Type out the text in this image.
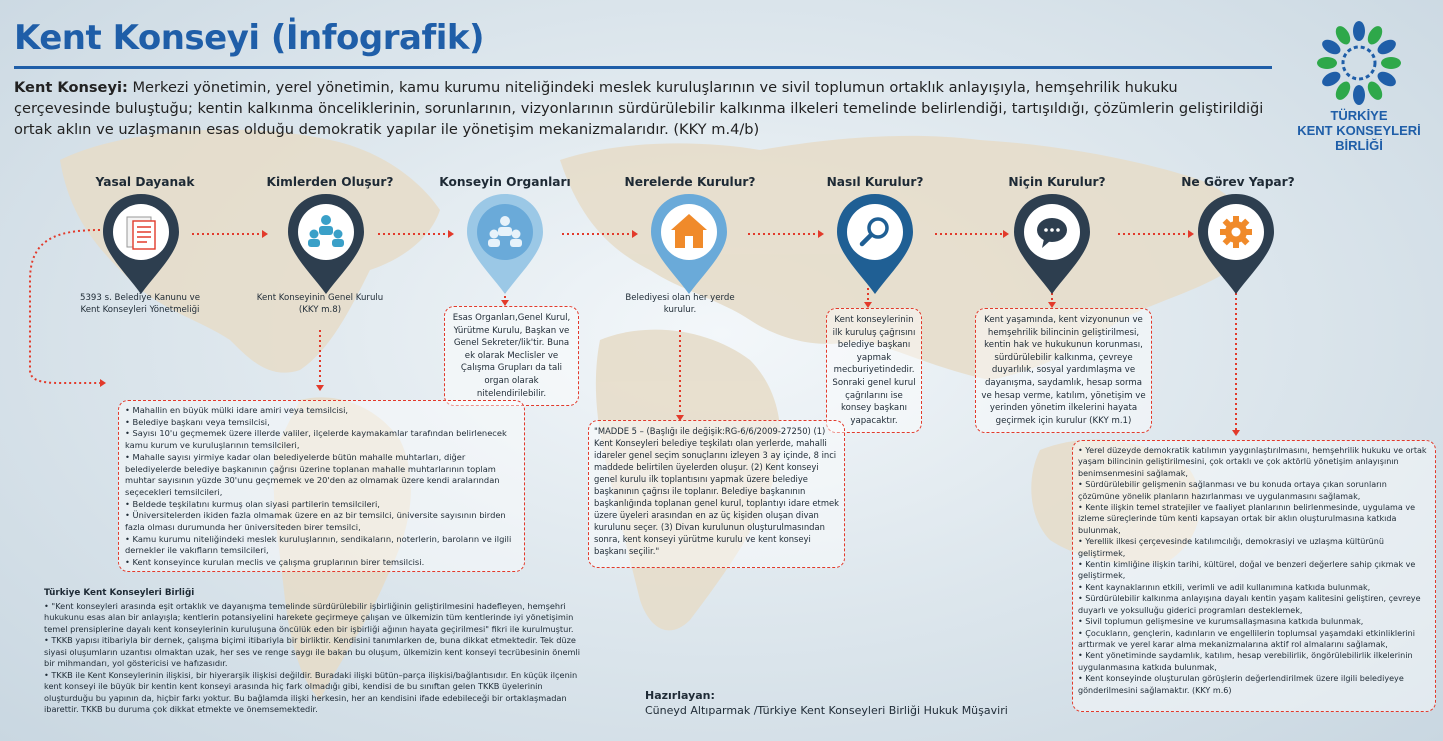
Kent Konseyi (İnfografik)
Kent Konseyi: Merkezi yönetimin, yerel yönetimin, kamu kurumu niteliğindeki meslek kuruluşlarının ve sivil toplumun ortaklık anlayışıyla, hemşehrilik hukuku çerçevesinde buluştuğu; kentin kalkınma önceliklerinin, sorunlarının, vizyonlarının sürdürülebilir kalkınma ilkeleri temelinde belirlendiği, tartışıldığı, çözümlerin geliştirildiği ortak aklın ve uzlaşmanın esas olduğu demokratik yapılar ile yönetişim mekanizmalarıdır. (KKY m.4/b)
TÜRKİYE
KENT KONSEYLERİ
BİRLİĞİ
Yasal Dayanak
5393 s. Belediye Kanunu ve Kent Konseyleri Yönetmeliği
Kimlerden Oluşur?
Kent Konseyinin Genel Kurulu (KKY m.8)
Konseyin Organları	Nerelerde Kurulur?
Belediyesi olan her yerde kurulur.
Nasıl Kurulur?	Niçin Kurulur?	Ne Görev Yapar?

Esas Organları,Genel Kurul, Yürütme Kurulu, Başkan ve Genel Sekreter/lik'tir. Buna ek olarak Meclisler ve Çalışma Grupları da tali organ olarak nitelendirilebilir.

Kent konseylerinin ilk kuruluş çağrısını belediye başkanı yapmak mecburiyetindedir. Sonraki genel kurul çağrılarını ise konsey başkanı yapacaktır.

Kent yaşamında, kent vizyonunun ve hemşehrilik bilincinin geliştirilmesi, kentin hak ve hukukunun korunması, sürdürülebilir kalkınma, çevreye duyarlılık, sosyal yardımlaşma ve dayanışma, saydamlık, hesap sorma ve hesap verme, katılım, yönetişim ve yerinden yönetim ilkelerini hayata geçirmek için kurulur (KKY m.1)

• Mahallin en büyük mülki idare amiri veya temsilcisi,
• Belediye başkanı veya temsilcisi,
• Sayısı 10'u geçmemek üzere illerde valiler, ilçelerde kaymakamlar tarafından belirlenecek kamu kurum ve kuruluşlarının temsilcileri,
• Mahalle sayısı yirmiye kadar olan belediyelerde bütün mahalle muhtarları, diğer belediyelerde belediye başkanının çağrısı üzerine toplanan mahalle muhtarlarının toplam muhtar sayısının yüzde 30'unu geçmemek ve 20'den az olmamak üzere kendi aralarından seçecekleri temsilcileri,
• Beldede teşkilatını kurmuş olan siyasi partilerin temsilcileri,
• Üniversitelerden ikiden fazla olmamak üzere en az bir temsilci, üniversite sayısının birden fazla olması durumunda her üniversiteden birer temsilci,
• Kamu kurumu niteliğindeki meslek kuruluşlarının, sendikaların, noterlerin, baroların ve ilgili dernekler ile vakıfların temsilcileri,
• Kent konseyince kurulan meclis ve çalışma gruplarının birer temsilcisi.

"MADDE 5 – (Başlığı ile değişik:RG-6/6/2009-27250) (1) Kent Konseyleri belediye teşkilatı olan yerlerde, mahalli idareler genel seçim sonuçlarını izleyen 3 ay içinde, 8 inci maddede belirtilen üyelerden oluşur. (2) Kent konseyi genel kurulu ilk toplantısını yapmak üzere belediye başkanının çağrısı ile toplanır. Belediye başkanının başkanlığında toplanan genel kurul, toplantıyı idare etmek üzere üyeleri arasından en az üç kişiden oluşan divan kurulunu seçer. (3) Divan kurulunun oluşturulmasından sonra, kent konseyi yürütme kurulu ve kent konseyi başkanı seçilir."

• Yerel düzeyde demokratik katılımın yaygınlaştırılmasını, hemşehrilik hukuku ve ortak yaşam bilincinin geliştirilmesini, çok ortaklı ve çok aktörlü yönetişim anlayışının benimsenmesini sağlamak,
• Sürdürülebilir gelişmenin sağlanması ve bu konuda ortaya çıkan sorunların çözümüne yönelik planların hazırlanması ve uygulanmasını sağlamak,
• Kente ilişkin temel stratejiler ve faaliyet planlarının belirlenmesinde, uygulama ve izleme süreçlerinde tüm kenti kapsayan ortak bir aklın oluşturulmasına katkıda bulunmak,
• Yerellik ilkesi çerçevesinde katılımcılığı, demokrasiyi ve uzlaşma kültürünü geliştirmek,
• Kentin kimliğine ilişkin tarihi, kültürel, doğal ve benzeri değerlere sahip çıkmak ve geliştirmek,
• Kent kaynaklarının etkili, verimli ve adil kullanımına katkıda bulunmak,
• Sürdürülebilir kalkınma anlayışına dayalı kentin yaşam kalitesini geliştiren, çevreye duyarlı ve yoksulluğu giderici programları desteklemek,
• Sivil toplumun gelişmesine ve kurumsallaşmasına katkıda bulunmak,
• Çocukların, gençlerin, kadınların ve engellilerin toplumsal yaşamdaki etkinliklerini arttırmak ve yerel karar alma mekanizmalarına aktif rol almalarını sağlamak,
• Kent yönetiminde saydamlık, katılım, hesap verebilirlik, öngörülebilirlik ilkelerinin uygulanmasına katkıda bulunmak,
• Kent konseyinde oluşturulan görüşlerin değerlendirilmek üzere ilgili belediyeye gönderilmesini sağlamaktır. (KKY m.6)
Türkiye Kent Konseyleri Birliği

• "Kent konseyleri arasında eşit ortaklık ve dayanışma temelinde sürdürülebilir işbirliğinin geliştirilmesini hadefleyen, hemşehri hukukunu esas alan bir anlayışla; kentlerin potansiyelini harekete geçirmeye çalışan ve ülkemizin tüm kentlerinde iyi yönetişimin temel prensiplerine dayalı kent konseylerinin kuruluşuna öncülük eden bir işbirliği ağının hayata geçirilmesi" fikri ile kurulmuştur.

• TKKB yapısı itibariyla bir dernek, çalışma biçimi itibariyla bir birliktir. Kendisini tanımlarken de, buna dikkat etmektedir. Tek düze siyasi oluşumların uzantısı olmaktan uzak, her ses ve renge saygı ile bakan bu oluşum, ülkemizin kent konseyi tecrübesinin önemli bir mihmandarı, yol göstericisi ve hafızasıdır.

• TKKB ile Kent Konseylerinin ilişkisi, bir hiyerarşik ilişkisi değildir. Buradaki ilişki bütün–parça ilişkisi/bağlantısıdır. En küçük ilçenin kent konseyi ile büyük bir kentin kent konseyi arasında hiç fark olmadığı gibi, kendisi de bu sınıftan gelen TKKB üyelerinin oluşturduğu bu yapının da, hiçbir farkı yoktur. Bu bağlamda ilişki herkesin, her an kendisini ifade edebileceği bir ortaklaşmadan ibarettir. TKKB bu duruma çok dikkat etmekte ve önemsemektedir.

Hazırlayan:
Cüneyd Altıparmak /Türkiye Kent Konseyleri Birliği Hukuk Müşaviri
